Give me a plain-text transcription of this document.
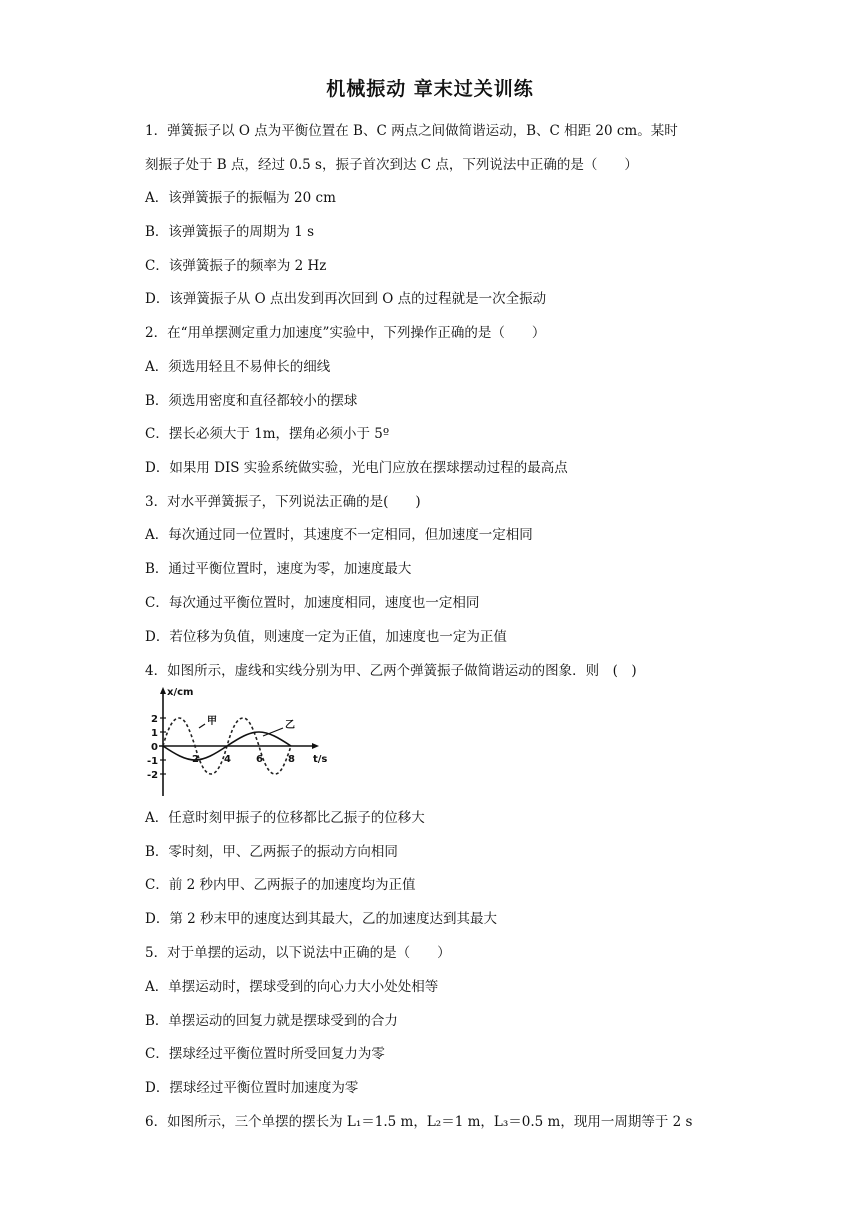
机械振动 章末过关训练
1．弹簧振子以 O 点为平衡位置在 B、C 两点之间做简谐运动，B、C 相距 20 cm。某时
刻振子处于 B 点，经过 0.5 s，振子首次到达 C 点，下列说法中正确的是（　　）
A．该弹簧振子的振幅为 20 cm
B．该弹簧振子的周期为 1 s
C．该弹簧振子的频率为 2 Hz
D．该弹簧振子从 O 点出发到再次回到 O 点的过程就是一次全振动
2．在“用单摆测定重力加速度”实验中，下列操作正确的是（　　）
A．须选用轻且不易伸长的细线
B．须选用密度和直径都较小的摆球
C．摆长必须大于 1m，摆角必须小于 5º
D．如果用 DIS 实验系统做实验，光电门应放在摆球摆动过程的最高点
3．对水平弹簧振子，下列说法正确的是(　　)
A．每次通过同一位置时，其速度不一定相同，但加速度一定相同
B．通过平衡位置时，速度为零，加速度最大
C．每次通过平衡位置时，加速度相同，速度也一定相同
D．若位移为负值，则速度一定为正值，加速度也一定为正值
4．如图所示，虚线和实线分别为甲、乙两个弹簧振子做简谐运动的图象．则　(　)
甲	乙
x/cm
t/s
2
1
0
-1
-2
2	4	6	8
A．任意时刻甲振子的位移都比乙振子的位移大
B．零时刻，甲、乙两振子的振动方向相同
C．前 2 秒内甲、乙两振子的加速度均为正值
D．第 2 秒末甲的速度达到其最大，乙的加速度达到其最大
5．对于单摆的运动，以下说法中正确的是（　　）
A．单摆运动时，摆球受到的向心力大小处处相等
B．单摆运动的回复力就是摆球受到的合力
C．摆球经过平衡位置时所受回复力为零
D．摆球经过平衡位置时加速度为零
6．如图所示，三个单摆的摆长为 L₁＝1.5 m，L₂＝1 m，L₃＝0.5 m，现用一周期等于 2 s
